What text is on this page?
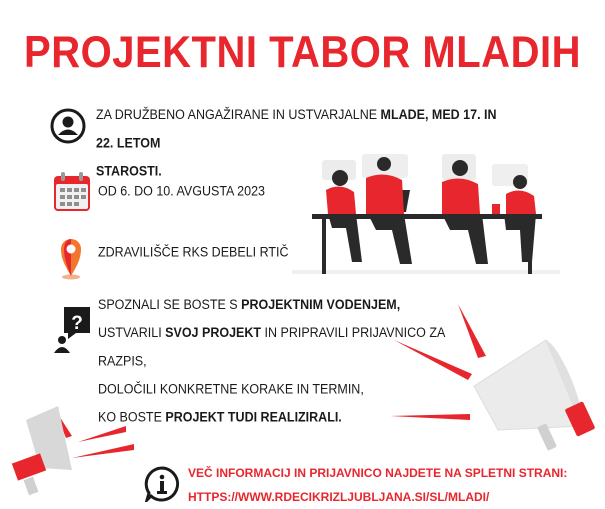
PROJEKTNI TABOR MLADIH
ZA DRUŽBENO ANGAŽIRANE IN USTVARJALNE MLADE, MED 17. IN 22. LETOM
STAROSTI.
OD 6. DO 10. AVGUSTA 2023
ZDRAVILIŠČE RKS DEBELI RTIČ
?
SPOZNALI SE BOSTE S PROJEKTNIM VODENJEM,
USTVARILI SVOJ PROJEKT IN PRIPRAVILI PRIJAVNICO ZA RAZPIS,
DOLOČILI KONKRETNE KORAKE IN TERMIN,
KO BOSTE PROJEKT TUDI REALIZIRALI.
VEČ INFORMACIJ IN PRIJAVNICO NAJDETE NA SPLETNI STRANI:
HTTPS://WWW.RDECIKRIZLJUBLJANA.SI/SL/MLADI/
